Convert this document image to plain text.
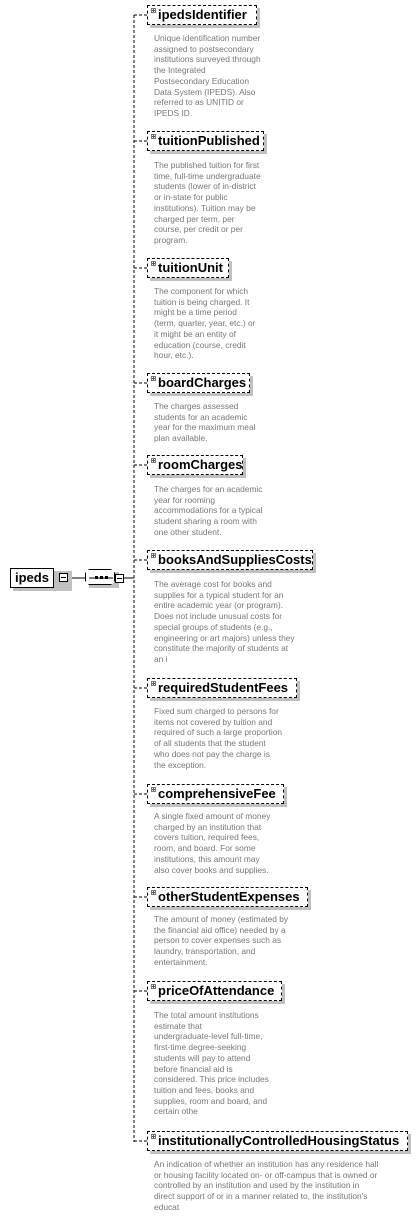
ipeds
ipedsIdentifier
Unique identification number
assigned to postsecondary
institutions surveyed through
the Integrated
Postsecondary Education
Data System (IPEDS). Also
referred to as UNITID or
IPEDS ID.
tuitionPublished
The published tuition for first
time, full-time undergraduate
students (lower of in-district
or in-state for public
institutions). Tuition may be
charged per term, per
course, per credit or per
program.
tuitionUnit
The component for which
tuition is being charged. It
might be a time period
(term, quarter, year, etc.) or
it might be an entity of
education (course, credit
hour, etc.).
boardCharges
The charges assessed
students for an academic
year for the maximum meal
plan available.
roomCharges
The charges for an academic
year for rooming
accommodations for a typical
student sharing a room with
one other student.
booksAndSuppliesCosts
The average cost for books and
supplies for a typical student for an
entire academic year (or program).
Does not include unusual costs for
special groups of students (e.g.,
engineering or art majors) unless they
constitute the majority of students at
an i
requiredStudentFees
Fixed sum charged to persons for
items not covered by tuition and
required of such a large proportion
of all students that the student
who does not pay the charge is
the exception.
comprehensiveFee
A single fixed amount of money
charged by an institution that
covers tuition, required fees,
room, and board. For some
institutions, this amount may
also cover books and supplies.
otherStudentExpenses
The amount of money (estimated by
the financial aid office) needed by a
person to cover expenses such as
laundry, transportation, and
entertainment.
priceOfAttendance
The total amount institutions
estimate that
undergraduate-level full-time,
first-time degree-seeking
students will pay to attend
before financial aid is
considered. This price includes
tuition and fees, books and
supplies, room and board, and
certain othe
institutionallyControlledHousingStatus
An indication of whether an institution has any residence hall
or housing facility located on- or off-campus that is owned or
controlled by an institution and used by the institution in
direct support of or in a manner related to, the institution's
educat
